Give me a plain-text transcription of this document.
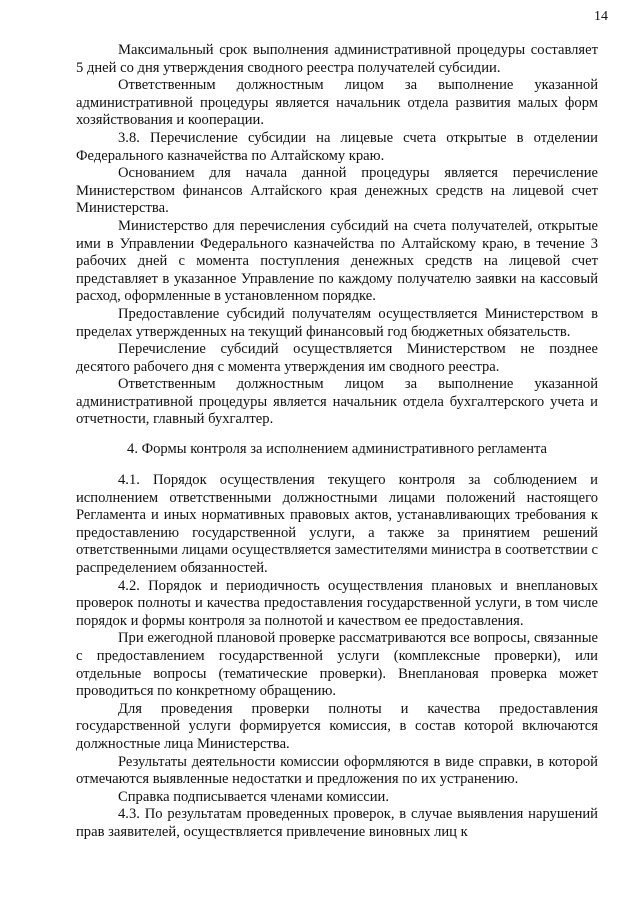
14

Максимальный срок выполнения административной процедуры составляет 5 дней со дня утверждения сводного реестра получателей субсидии.

Ответственным должностным лицом за выполнение указанной административной процедуры является начальник отдела развития малых форм хозяйствования и кооперации.

3.8. Перечисление субсидии на лицевые счета открытые в отделении Федерального казначейства по Алтайскому краю.

Основанием для начала данной процедуры является перечисление Министерством финансов Алтайского края денежных средств на лицевой счет Министерства.

Министерство для перечисления субсидий на счета получателей, открытые ими в Управлении Федерального казначейства по Алтайскому краю, в течение 3 рабочих дней с момента поступления денежных средств на лицевой счет представляет в указанное Управление по каждому получателю заявки на кассовый расход, оформленные в установленном порядке.

Предоставление субсидий получателям осуществляется Министерством в пределах утвержденных на текущий финансовый год бюджетных обязательств.

Перечисление субсидий осуществляется Министерством не позднее десятого рабочего дня с момента утверждения им сводного реестра.

Ответственным должностным лицом за выполнение указанной административной процедуры является начальник отдела бухгалтерского учета и отчетности, главный бухгалтер.

4. Формы контроля за исполнением административного регламента

4.1. Порядок осуществления текущего контроля за соблюдением и исполнением ответственными должностными лицами положений настоящего Регламента и иных нормативных правовых актов, устанавливающих требования к предоставлению государственной услуги, а также за принятием решений ответственными лицами осуществляется заместителями министра в соответствии с распределением обязанностей.

4.2. Порядок и периодичность осуществления плановых и внеплановых проверок полноты и качества предоставления государственной услуги, в том числе порядок и формы контроля за полнотой и качеством ее предоставления.

При ежегодной плановой проверке рассматриваются все вопросы, связанные с предоставлением государственной услуги (комплексные проверки), или отдельные вопросы (тематические проверки). Внеплановая проверка может проводиться по конкретному обращению.

Для проведения проверки полноты и качества предоставления государственной услуги формируется комиссия, в состав которой включаются должностные лица Министерства.

Результаты деятельности комиссии оформляются в виде справки, в которой отмечаются выявленные недостатки и предложения по их устранению.

Справка подписывается членами комиссии.

4.3. По результатам проведенных проверок, в случае выявления нарушений прав заявителей, осуществляется привлечение виновных лиц к
